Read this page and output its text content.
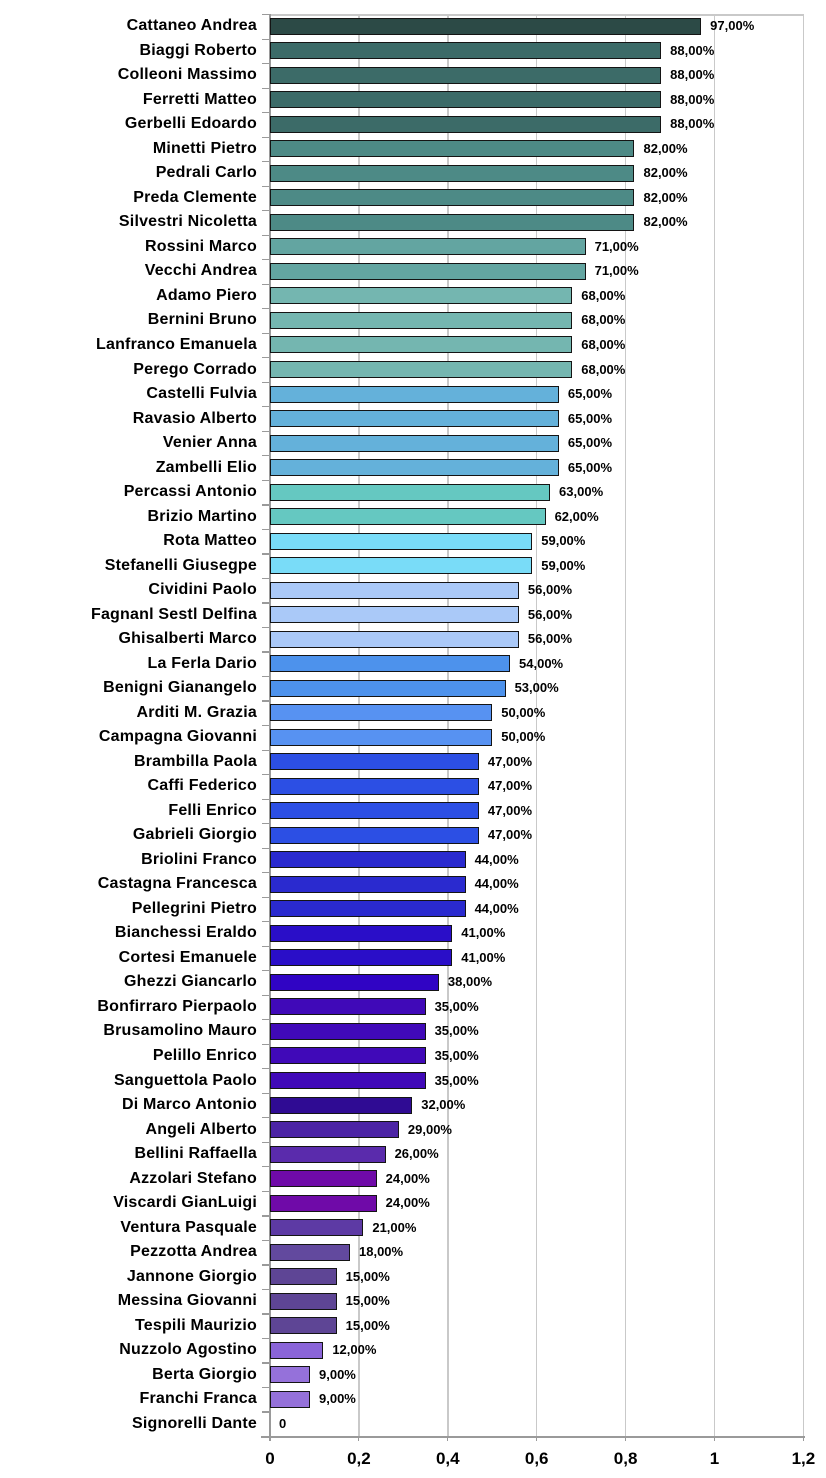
0	0,2	0,4	0,6	0,8	1	1,2
Cattaneo Andrea	97,00%
Biaggi Roberto	88,00%
Colleoni Massimo	88,00%
Ferretti Matteo	88,00%
Gerbelli Edoardo	88,00%
Minetti Pietro	82,00%
Pedrali Carlo	82,00%
Preda Clemente	82,00%
Silvestri Nicoletta	82,00%
Rossini Marco	71,00%
Vecchi Andrea	71,00%
Adamo Piero	68,00%
Bernini Bruno	68,00%
Lanfranco Emanuela	68,00%
Perego Corrado	68,00%
Castelli Fulvia	65,00%
Ravasio Alberto	65,00%
Venier Anna	65,00%
Zambelli Elio	65,00%
Percassi Antonio	63,00%
Brizio Martino	62,00%
Rota Matteo	59,00%
Stefanelli Giusegpe	59,00%
Cividini Paolo	56,00%
Fagnanl Sestl Delfina	56,00%
Ghisalberti Marco	56,00%
La Ferla Dario	54,00%
Benigni Gianangelo	53,00%
Arditi M. Grazia	50,00%
Campagna Giovanni	50,00%
Brambilla Paola	47,00%
Caffi Federico	47,00%
Felli Enrico	47,00%
Gabrieli Giorgio	47,00%
Briolini Franco	44,00%
Castagna Francesca	44,00%
Pellegrini Pietro	44,00%
Bianchessi Eraldo	41,00%
Cortesi Emanuele	41,00%
Ghezzi Giancarlo	38,00%
Bonfirraro Pierpaolo	35,00%
Brusamolino Mauro	35,00%
Pelillo Enrico	35,00%
Sanguettola Paolo	35,00%
Di Marco Antonio	32,00%
Angeli Alberto	29,00%
Bellini Raffaella	26,00%
Azzolari Stefano	24,00%
Viscardi GianLuigi	24,00%
Ventura Pasquale	21,00%
Pezzotta Andrea	18,00%
Jannone Giorgio	15,00%
Messina Giovanni	15,00%
Tespili Maurizio	15,00%
Nuzzolo Agostino	12,00%
Berta Giorgio	9,00%
Franchi Franca	9,00%
Signorelli Dante 0
